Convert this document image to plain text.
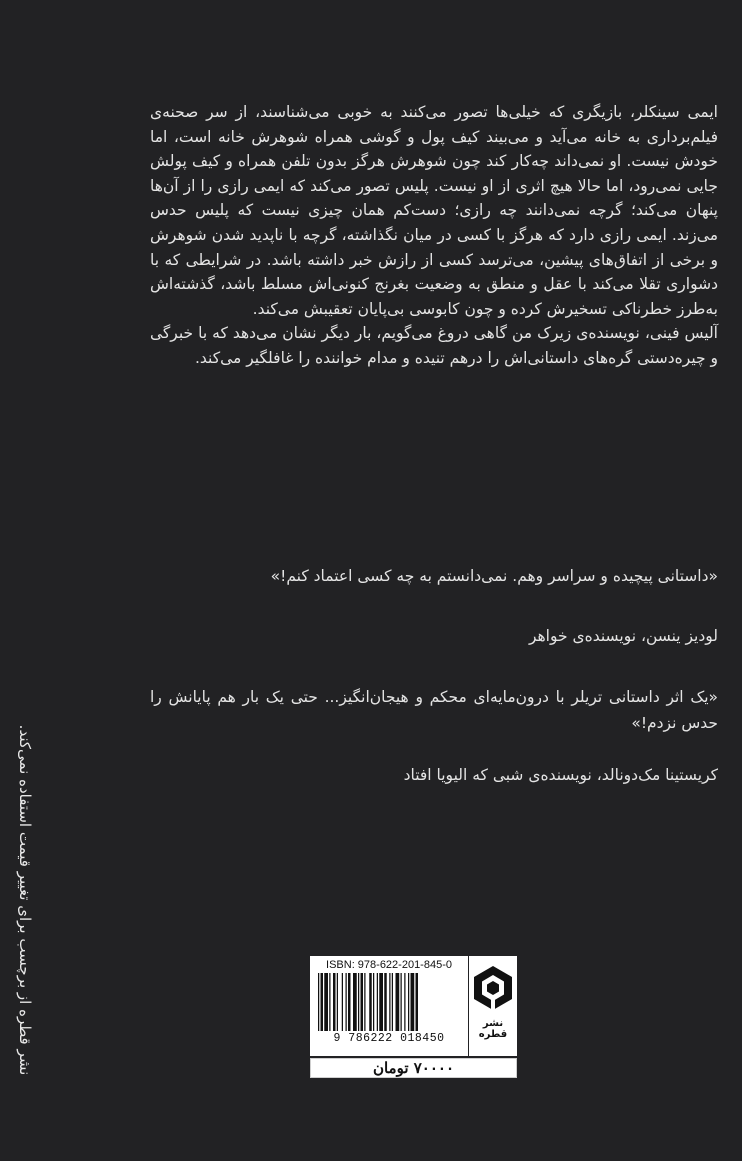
ایمی سینکلر، بازیگری که خیلی‌ها تصور می‌کنند به خوبی می‌شناسند، از سر صحنه‌ی فیلم‌برداری به خانه می‌آید و می‌بیند کیف پول و گوشی همراه شوهرش خانه است، اما خودش نیست. او نمی‌داند چه‌کار کند چون شوهرش هرگز بدون تلفن همراه و کیف پولش جایی نمی‌رود، اما حالا هیچ اثری از او نیست. پلیس تصور می‌کند که ایمی رازی را از آن‌ها پنهان می‌کند؛ گرچه نمی‌دانند چه رازی؛ دست‌کم همان چیزی نیست که پلیس حدس می‌زند. ایمی رازی دارد که هرگز با کسی در میان نگذاشته، گرچه با ناپدید شدن شوهرش و برخی از اتفاق‌های پیشین، می‌ترسد کسی از رازش خبر داشته باشد. در شرایطی که با دشواری تقلا می‌کند با عقل و منطق به وضعیت بغرنج کنونی‌اش مسلط باشد، گذشته‌اش به‌طرز خطرناکی تسخیرش کرده و چون کابوسی بی‌پایان تعقیبش می‌کند.

آلیس فینی، نویسنده‌ی زیرک من گاهی دروغ می‌گویم، بار دیگر نشان می‌دهد که با خبرگی و چیره‌دستی گره‌های داستانی‌اش را درهم تنیده و مدام خواننده را غافلگیر می‌کند.

«داستانی پیچیده و سراسر وهم. نمی‌دانستم به چه کسی اعتماد کنم!»
لودیز ینسن، نویسنده‌ی خواهر
«یک اثر داستانی تریلر با درون‌مایه‌ای محکم و هیجان‌انگیز... حتی یک بار هم پایانش را حدس نزدم!»
کریستینا مک‌دونالد، نویسنده‌ی شبی که الیویا افتاد
نشر قطره از برچسب برای تغییر قیمت استفاده نمی‌کند.	ISBN: 978-622-201-845-0
9 786222 018450
نشر قطره
۷۰۰۰۰ تومان
